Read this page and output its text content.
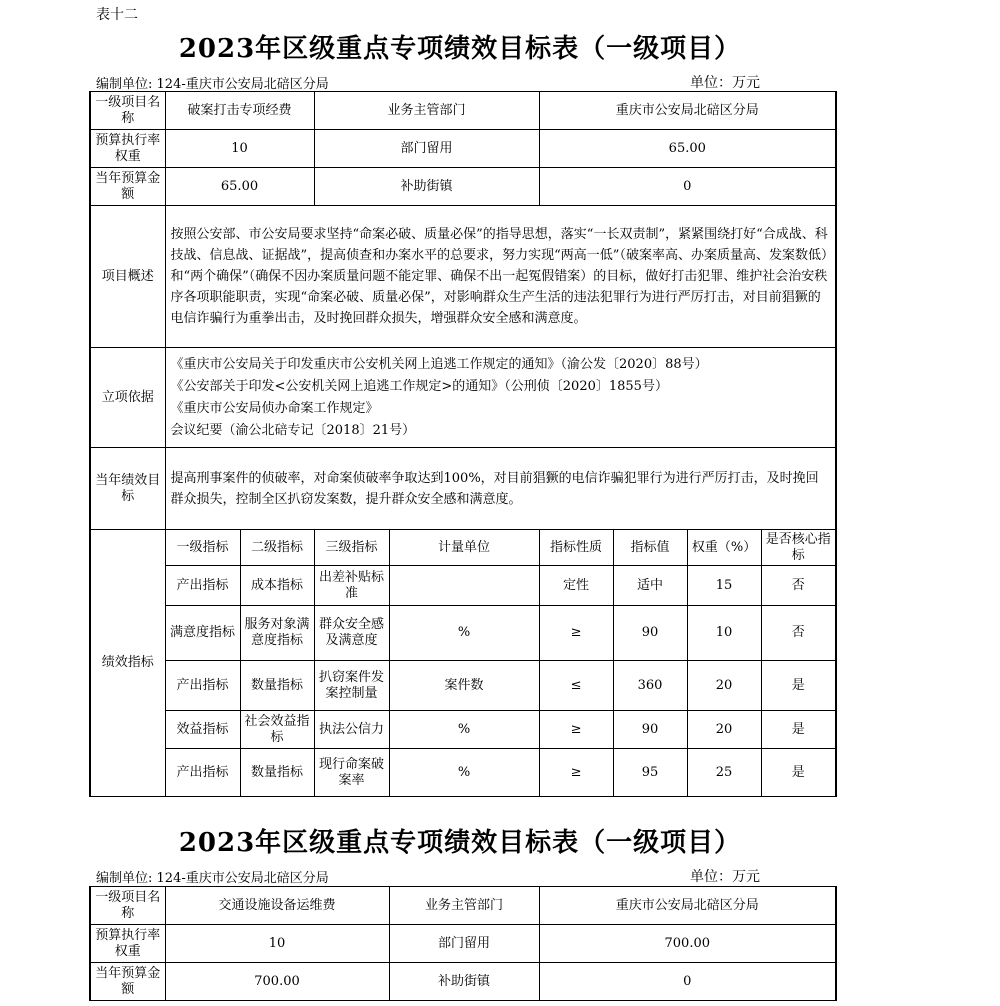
表十二
2023年区级重点专项绩效目标表（一级项目）
编制单位: 124-重庆市公安局北碚区分局	单位：万元
一级项目名称	破案打击专项经费		业务主管部门		重庆市公安局北碚区分局			
预算执行率权重	10		部门留用		65.00			
当年预算金额	65.00		补助街镇		0			
项目概述	按照公安部、市公安局要求坚持“命案必破、质量必保”的指导思想，落实“一长双责制”，紧紧围绕打好“合成战、科技战、信息战、证据战”，提高侦查和办案水平的总要求，努力实现“两高一低”（破案率高、办案质量高、发案数低）和“两个确保”（确保不因办案质量问题不能定罪、确保不出一起冤假错案）的目标，做好打击犯罪、维护社会治安秩序各项职能职责，实现“命案必破、质量必保”，对影响群众生产生活的违法犯罪行为进行严厉打击，对目前猖獗的电信诈骗行为重拳出击，及时挽回群众损失，增强群众安全感和满意度。							
立项依据	《重庆市公安局关于印发重庆市公安机关网上追逃工作规定的通知》（渝公发〔2020〕88号）
《公安部关于印发<公安机关网上追逃工作规定>的通知》（公刑侦〔2020〕1855号）
《重庆市公安局侦办命案工作规定》
会议纪要（渝公北碚专记〔2018〕21号）							

当年绩效目标	提高刑事案件的侦破率，对命案侦破率争取达到100%，对目前猖獗的电信诈骗犯罪行为进行严厉打击，及时挽回群众损失，控制全区扒窃发案数，提升群众安全感和满意度。							
绩效指标	一级指标	二级指标	三级指标	计量单位	指标性质	指标值	权重（%）	是否核心指标
	产出指标	成本指标	出差补贴标准		定性	适中	15	否
	满意度指标	服务对象满意度指标	群众安全感及满意度	%	≥	90	10	否
	产出指标	数量指标	扒窃案件发案控制量	案件数	≤	360	20	是
	效益指标	社会效益指标	执法公信力	%	≥	90	20	是
	产出指标	数量指标	现行命案破案率	%	≥	95	25	是
2023年区级重点专项绩效目标表（一级项目）
编制单位: 124-重庆市公安局北碚区分局	单位：万元
一级项目名称	交通设施设备运维费	业务主管部门	重庆市公安局北碚区分局
预算执行率权重	10	部门留用	700.00
当年预算金额	700.00	补助街镇	0
